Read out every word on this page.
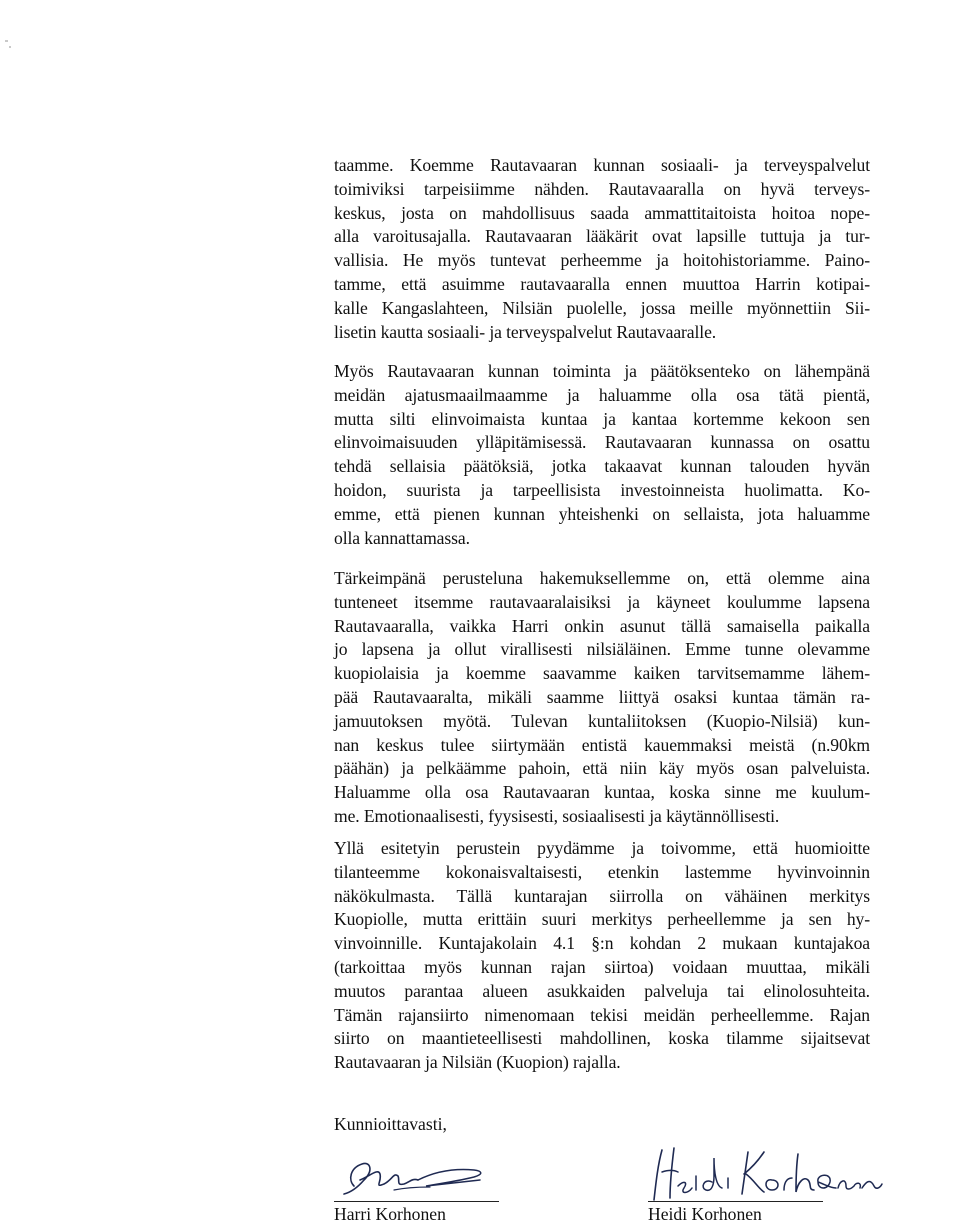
taamme. Koemme Rautavaaran kunnan sosiaali- ja terveyspalvelut
toimiviksi tarpeisiimme nähden. Rautavaaralla on hyvä terveys-
keskus, josta on mahdollisuus saada ammattitaitoista hoitoa nope-
alla varoitusajalla. Rautavaaran lääkärit ovat lapsille tuttuja ja tur-
vallisia. He myös tuntevat perheemme ja hoitohistoriamme. Paino-
tamme, että asuimme rautavaaralla ennen muuttoa Harrin kotipai-
kalle Kangaslahteen, Nilsiän puolelle, jossa meille myönnettiin Sii-
lisetin kautta sosiaali- ja terveyspalvelut Rautavaaralle.
Myös Rautavaaran kunnan toiminta ja päätöksenteko on lähempänä
meidän ajatusmaailmaamme ja haluamme olla osa tätä pientä,
mutta silti elinvoimaista kuntaa ja kantaa kortemme kekoon sen
elinvoimaisuuden ylläpitämisessä. Rautavaaran kunnassa on osattu
tehdä sellaisia päätöksiä, jotka takaavat kunnan talouden hyvän
hoidon, suurista ja tarpeellisista investoinneista huolimatta. Ko-
emme, että pienen kunnan yhteishenki on sellaista, jota haluamme
olla kannattamassa.
Tärkeimpänä perusteluna hakemuksellemme on, että olemme aina
tunteneet itsemme rautavaaralaisiksi ja käyneet koulumme lapsena
Rautavaaralla, vaikka Harri onkin asunut tällä samaisella paikalla
jo lapsena ja ollut virallisesti nilsiäläinen. Emme tunne olevamme
kuopiolaisia ja koemme saavamme kaiken tarvitsemamme lähem-
pää Rautavaaralta, mikäli saamme liittyä osaksi kuntaa tämän ra-
jamuutoksen myötä. Tulevan kuntaliitoksen (Kuopio-Nilsiä) kun-
nan keskus tulee siirtymään entistä kauemmaksi meistä (n.90km
päähän) ja pelkäämme pahoin, että niin käy myös osan palveluista.
Haluamme olla osa Rautavaaran kuntaa, koska sinne me kuulum-
me. Emotionaalisesti, fyysisesti, sosiaalisesti ja käytännöllisesti.
Yllä esitetyin perustein pyydämme ja toivomme, että huomioitte
tilanteemme kokonaisvaltaisesti, etenkin lastemme hyvinvoinnin
näkökulmasta. Tällä kuntarajan siirrolla on vähäinen merkitys
Kuopiolle, mutta erittäin suuri merkitys perheellemme ja sen hy-
vinvoinnille. Kuntajakolain 4.1 §:n kohdan 2 mukaan kuntajakoa
(tarkoittaa myös kunnan rajan siirtoa) voidaan muuttaa, mikäli
muutos parantaa alueen asukkaiden palveluja tai elinolosuhteita.
Tämän rajansiirto nimenomaan tekisi meidän perheellemme. Rajan
siirto on maantieteellisesti mahdollinen, koska tilamme sijaitsevat
Rautavaaran ja Nilsiän (Kuopion) rajalla.
Kunnioittavasti,
Harri Korhonen	Heidi Korhonen
